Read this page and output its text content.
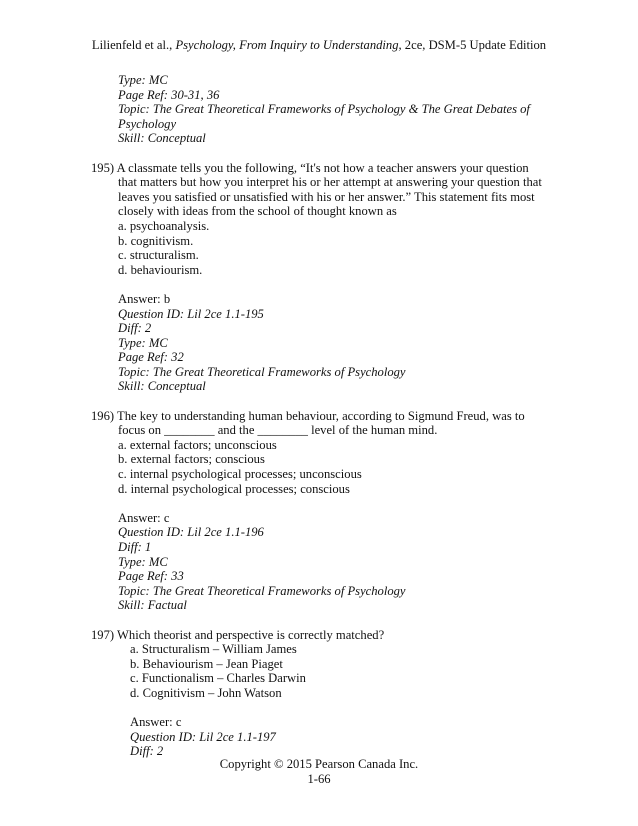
Lilienfeld et al., Psychology, From Inquiry to Understanding, 2ce, DSM-5 Update Edition
Type: MC
Page Ref: 30-31, 36
Topic: The Great Theoretical Frameworks of Psychology & The Great Debates of
Psychology
Skill: Conceptual
195) A classmate tells you the following, “It's not how a teacher answers your question
that matters but how you interpret his or her attempt at answering your question that
leaves you satisfied or unsatisfied with his or her answer.” This statement fits most
closely with ideas from the school of thought known as
a. psychoanalysis.
b. cognitivism.
c. structuralism.
d. behaviourism.
Answer: b
Question ID: Lil 2ce 1.1-195
Diff: 2
Type: MC
Page Ref: 32
Topic: The Great Theoretical Frameworks of Psychology
Skill: Conceptual
196) The key to understanding human behaviour, according to Sigmund Freud, was to
focus on ________ and the ________ level of the human mind.
a. external factors; unconscious
b. external factors; conscious
c. internal psychological processes; unconscious
d. internal psychological processes; conscious
Answer: c
Question ID: Lil 2ce 1.1-196
Diff: 1
Type: MC
Page Ref: 33
Topic: The Great Theoretical Frameworks of Psychology
Skill: Factual
197) Which theorist and perspective is correctly matched?
a. Structuralism – William James
b. Behaviourism – Jean Piaget
c. Functionalism – Charles Darwin
d. Cognitivism – John Watson
Answer: c
Question ID: Lil 2ce 1.1-197
Diff: 2
Copyright © 2015 Pearson Canada Inc.
1-66
